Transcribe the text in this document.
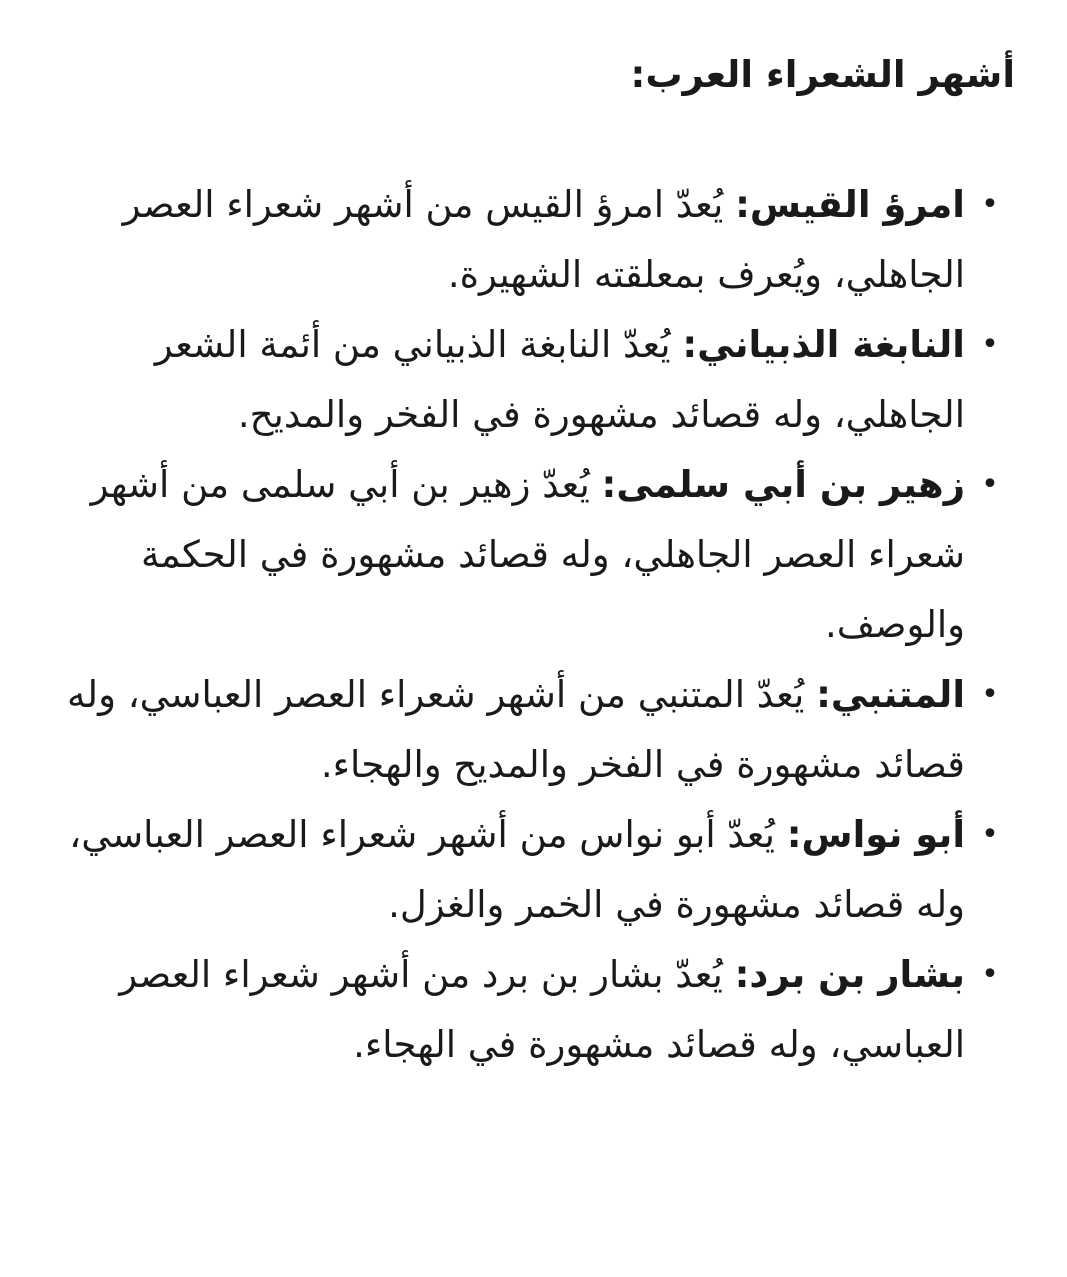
أشهر الشعراء العرب:
•
امرؤ القيس: يُعدّ امرؤ القيس من أشهر شعراء العصر الجاهلي، ويُعرف بمعلقته الشهيرة.
•
النابغة الذبياني: يُعدّ النابغة الذبياني من أئمة الشعر الجاهلي، وله قصائد مشهورة في الفخر والمديح.
•
زهير بن أبي سلمى: يُعدّ زهير بن أبي سلمى من أشهر شعراء العصر الجاهلي، وله قصائد مشهورة في الحكمة والوصف.
•
المتنبي: يُعدّ المتنبي من أشهر شعراء العصر العباسي، وله قصائد مشهورة في الفخر والمديح والهجاء.
•
أبو نواس: يُعدّ أبو نواس من أشهر شعراء العصر العباسي، وله قصائد مشهورة في الخمر والغزل.
•
بشار بن برد: يُعدّ بشار بن برد من أشهر شعراء العصر العباسي، وله قصائد مشهورة في الهجاء.
